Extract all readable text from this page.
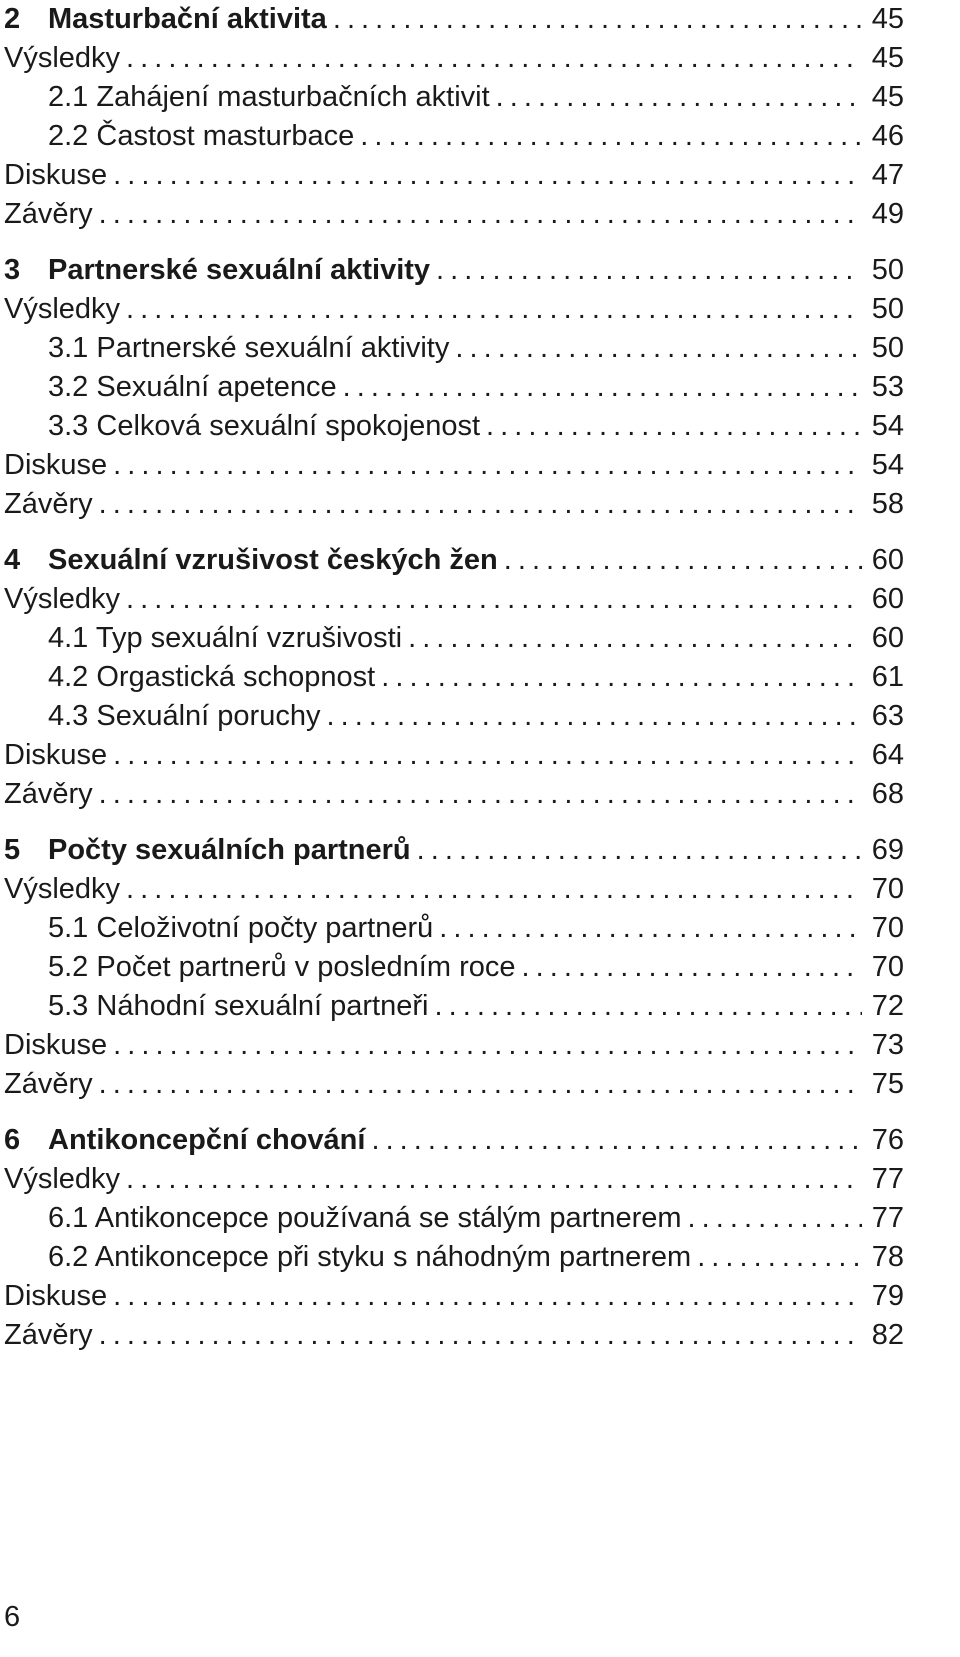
2 Masturbační aktivita . . .	45
Výsledky . . .	45
2.1 Zahájení masturbačních aktivit . . .	45
2.2 Častost masturbace . . .	46
Diskuse . . .	47
Závěry . . .	49
3 Partnerské sexuální aktivity . . .	50
Výsledky . . .	50
3.1 Partnerské sexuální aktivity . . .	50
3.2 Sexuální apetence . . .	53
3.3 Celková sexuální spokojenost . . .	54
Diskuse . . .	54
Závěry . . .	58
4 Sexuální vzrušivost českých žen . . .	60
Výsledky . . .	60
4.1 Typ sexuální vzrušivosti . . .	60
4.2 Orgastická schopnost . . .	61
4.3 Sexuální poruchy . . .	63
Diskuse . . .	64
Závěry . . .	68
5 Počty sexuálních partnerů . . .	69
Výsledky . . .	70
5.1 Celoživotní počty partnerů . . .	70
5.2 Počet partnerů v posledním roce . . .	70
5.3 Náhodní sexuální partneři . . .	72
Diskuse . . .	73
Závěry . . .	75
6 Antikoncepční chování . . .	76
Výsledky . . .	77
6.1 Antikoncepce používaná se stálým partnerem . . .	77
6.2 Antikoncepce při styku s náhodným partnerem . . .	78
Diskuse . . .	79
Závěry . . .	82
6
